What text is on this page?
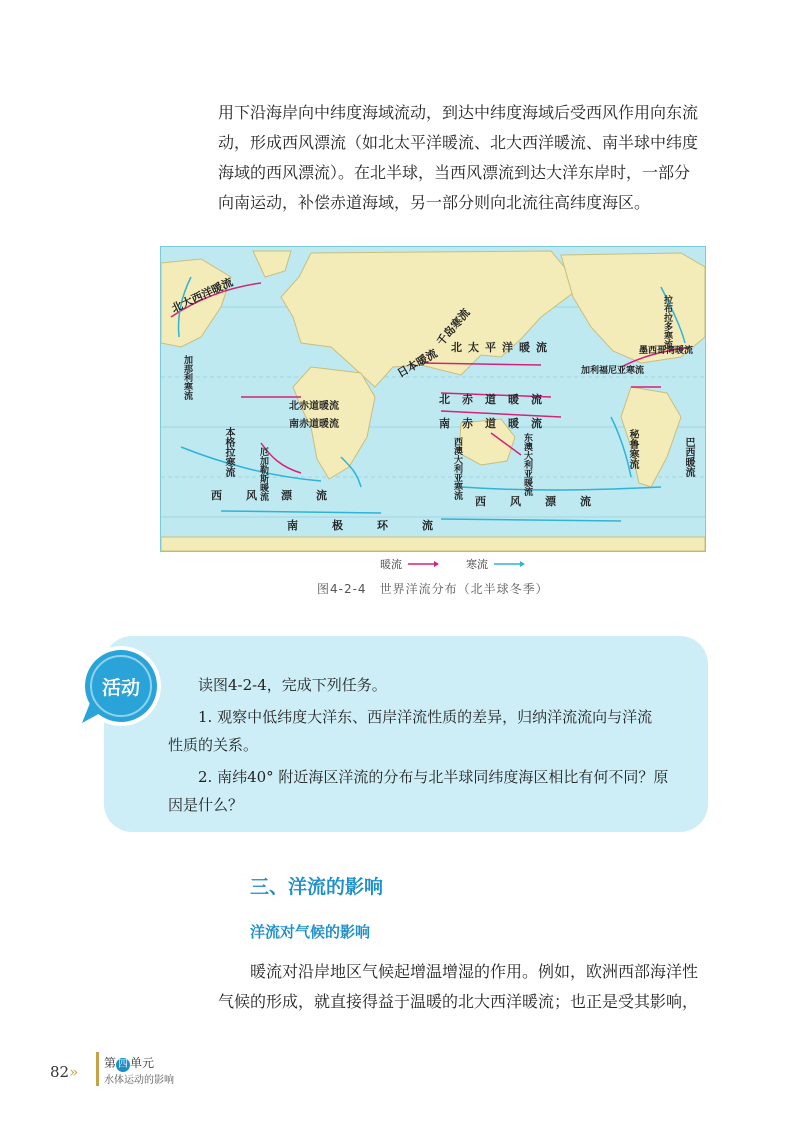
用下沿海岸向中纬度海域流动，到达中纬度海域后受西风作用向东流
动，形成西风漂流（如北太平洋暖流、北大西洋暖流、南半球中纬度
海域的西风漂流）。在北半球，当西风漂流到达大洋东岸时，一部分
向南运动，补偿赤道海域，另一部分则向北流往高纬度海区。
北大西洋暖流
北太平洋暖流
日本暖流
千岛寒流
北赤道暖流
南赤道暖流
西风漂流	西风漂流
南极环流
加利福尼亚寒流
秘鲁寒流
本格拉寒流	巴西暖流
加那利寒流
墨西哥湾暖流
拉布拉多寒流
西澳大利亚寒流	东澳大利亚暖流
北赤道暖流
南赤道暖流
厄加勒斯暖流
暖流	寒流
图4-2-4　世界洋流分布（北半球冬季）
活动	读图4-2-4，完成下列任务。
1. 观察中低纬度大洋东、西岸洋流性质的差异，归纳洋流流向与洋流
性质的关系。
2. 南纬40° 附近海区洋流的分布与北半球同纬度海区相比有何不同？原
因是什么？
三、洋流的影响
洋流对气候的影响
暖流对沿岸地区气候起增温增湿的作用。例如，欧洲西部海洋性
气候的形成，就直接得益于温暖的北大西洋暖流；也正是受其影响，
82» 第 四 单元
水体运动的影响
